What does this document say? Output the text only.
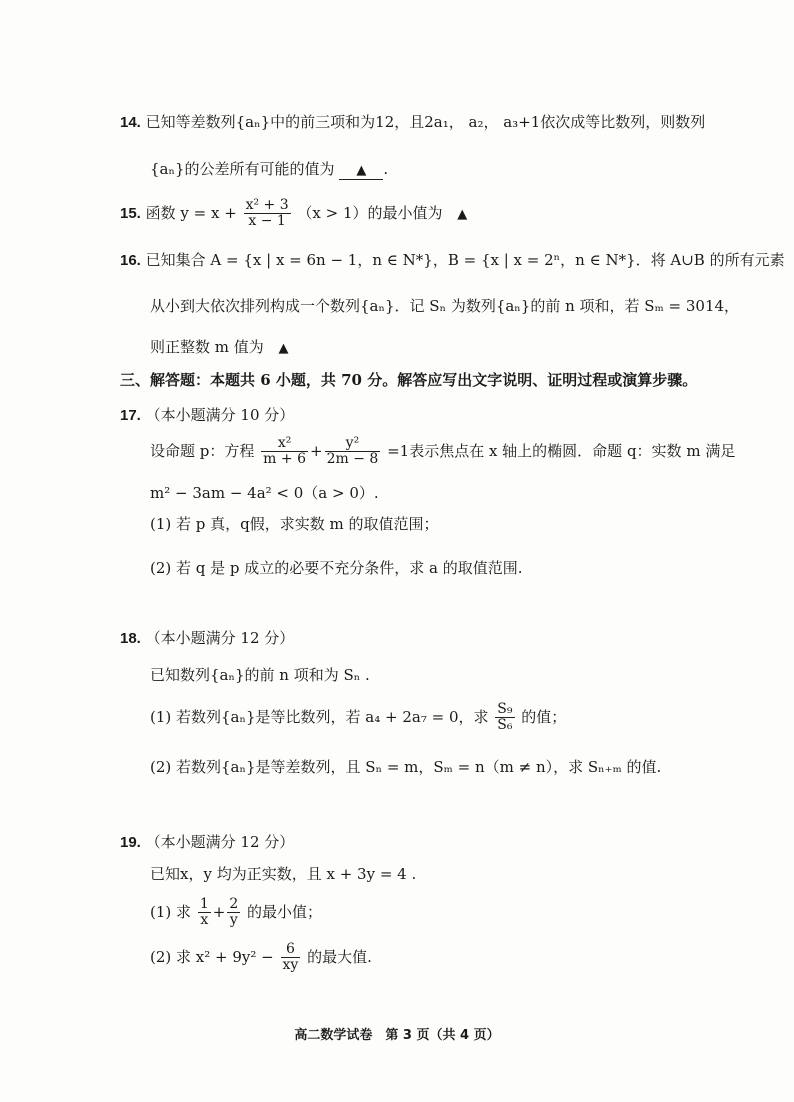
14. 已知等差数列{aₙ}中的前三项和为12，且2a₁， a₂， a₃+1依次成等比数列，则数列
{aₙ}的公差所有可能的值为 ▲ .
15. 函数 $y = x + \frac{\text{x² + 3}}{x - 1} (x > 1)$的最小值为 ▲
16. 已知集合 A = {x | x = 6n − 1，n ∈ N*}，B = {x | x = 2ⁿ，n ∈ N*}．将 A∪B 的所有元素
从小到大依次排列构成一个数列{aₙ}．记 Sₙ 为数列{aₙ}的前 n 项和，若 Sₘ = 3014，
则正整数 m 值为 ▲
三、解答题：本题共 6 小题，共 70 分。解答应写出文字说明、证明过程或演算步骤。
17. （本小题满分 10 分）
设命题 p：方程 $\frac{\text{x²}}{m + 6} + \frac{\text{y²}}{2m - 8} =1$表示焦点在 x 轴上的椭圆．命题 q：实数 m 满足
m² − 3am − 4a² < 0（a > 0）.
(1) 若 p 真，q假，求实数 m 的取值范围；
(2) 若 q 是 p 成立的必要不充分条件，求 a 的取值范围.
18. （本小题满分 12 分）
已知数列{aₙ}的前 n 项和为 Sₙ .
(1) 若数列{aₙ}是等比数列，若 a₄ + 2a₇ = 0，求 $\frac{\text{S₉}}{\text{S₆}}$ 的值；
(2) 若数列{aₙ}是等差数列，且 Sₙ = m，Sₘ = n（m ≠ n），求 Sₙ₊ₘ 的值.
19. （本小题满分 12 分）
已知x，y 均为正实数，且 x + 3y = 4 .
(1) 求 $\frac{1}{x} + \frac{2}{y}$ 的最小值；
(2) 求 $x^2 + 9y^2 - \frac{6}{xy}$ 的最大值.
高二数学试卷　第 3 页（共 4 页）
